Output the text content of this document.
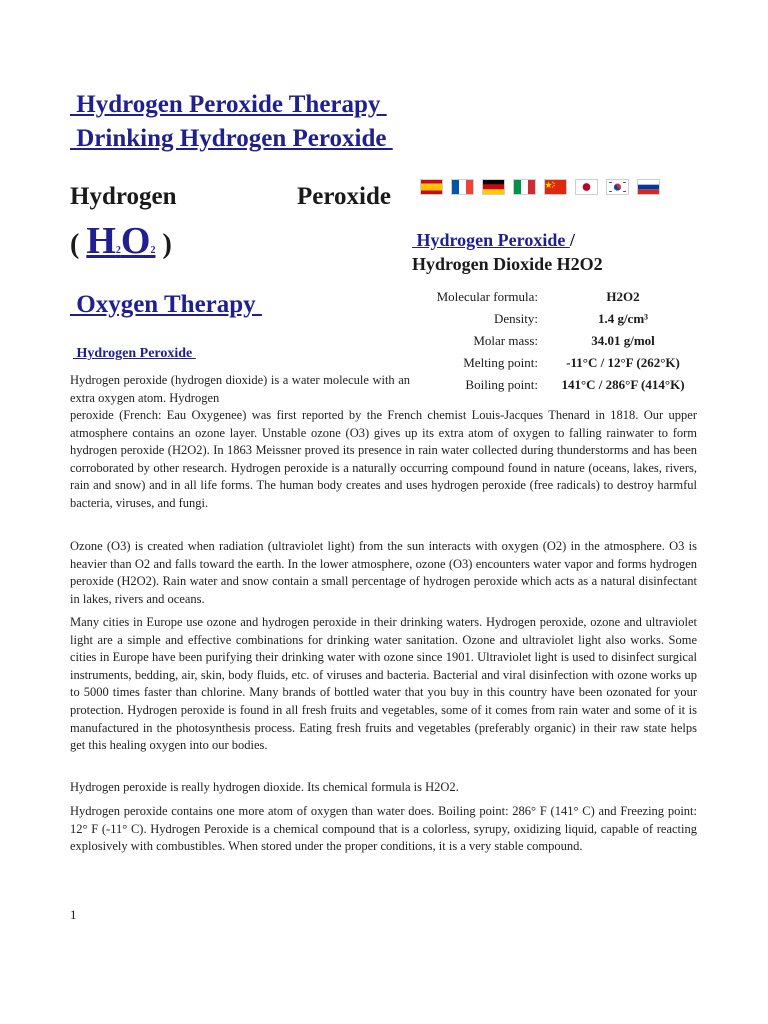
Hydrogen Peroxide Therapy
Drinking Hydrogen Peroxide
Hydrogen	Peroxide
( H2O2 )
Oxygen Therapy
Hydrogen Peroxide
Hydrogen Peroxide /
Hydrogen Dioxide H2O2
Molecular formula:	H2O2
Density:	1.4 g/cm³
Molar mass:	34.01 g/mol
Melting point:	-11°C / 12°F (262°K)
Boiling point:	141°C / 286°F (414°K)

Hydrogen peroxide (hydrogen dioxide) is a water molecule with an extra oxygen atom. Hydrogen

peroxide (French: Eau Oxygenee) was first reported by the French chemist Louis-Jacques Thenard in 1818. Our upper atmosphere contains an ozone layer. Unstable ozone (O3) gives up its extra atom of oxygen to falling rainwater to form hydrogen peroxide (H2O2). In 1863 Meissner proved its presence in rain water collected during thunderstorms and has been corroborated by other research. Hydrogen peroxide is a naturally occurring compound found in nature (oceans, lakes, rivers, rain and snow) and in all life forms. The human body creates and uses hydrogen peroxide (free radicals) to destroy harmful bacteria, viruses, and fungi.

Ozone (O3) is created when radiation (ultraviolet light) from the sun interacts with oxygen (O2) in the atmosphere. O3 is heavier than O2 and falls toward the earth. In the lower atmosphere, ozone (O3) encounters water vapor and forms hydrogen peroxide (H2O2). Rain water and snow contain a small percentage of hydrogen peroxide which acts as a natural disinfectant in lakes, rivers and oceans.

Many cities in Europe use ozone and hydrogen peroxide in their drinking waters. Hydrogen peroxide, ozone and ultraviolet light are a simple and effective combinations for drinking water sanitation. Ozone and ultraviolet light also works. Some cities in Europe have been purifying their drinking water with ozone since 1901. Ultraviolet light is used to disinfect surgical instruments, bedding, air, skin, body fluids, etc. of viruses and bacteria. Bacterial and viral disinfection with ozone works up to 5000 times faster than chlorine. Many brands of bottled water that you buy in this country have been ozonated for your protection. Hydrogen peroxide is found in all fresh fruits and vegetables, some of it comes from rain water and some of it is manufactured in the photosynthesis process. Eating fresh fruits and vegetables (preferably organic) in their raw state helps get this healing oxygen into our bodies.

Hydrogen peroxide is really hydrogen dioxide. Its chemical formula is H2O2.

Hydrogen peroxide contains one more atom of oxygen than water does. Boiling point: 286° F (141° C) and Freezing point: 12° F (-11° C). Hydrogen Peroxide is a chemical compound that is a colorless, syrupy, oxidizing liquid, capable of reacting explosively with combustibles. When stored under the proper conditions, it is a very stable compound.

1
